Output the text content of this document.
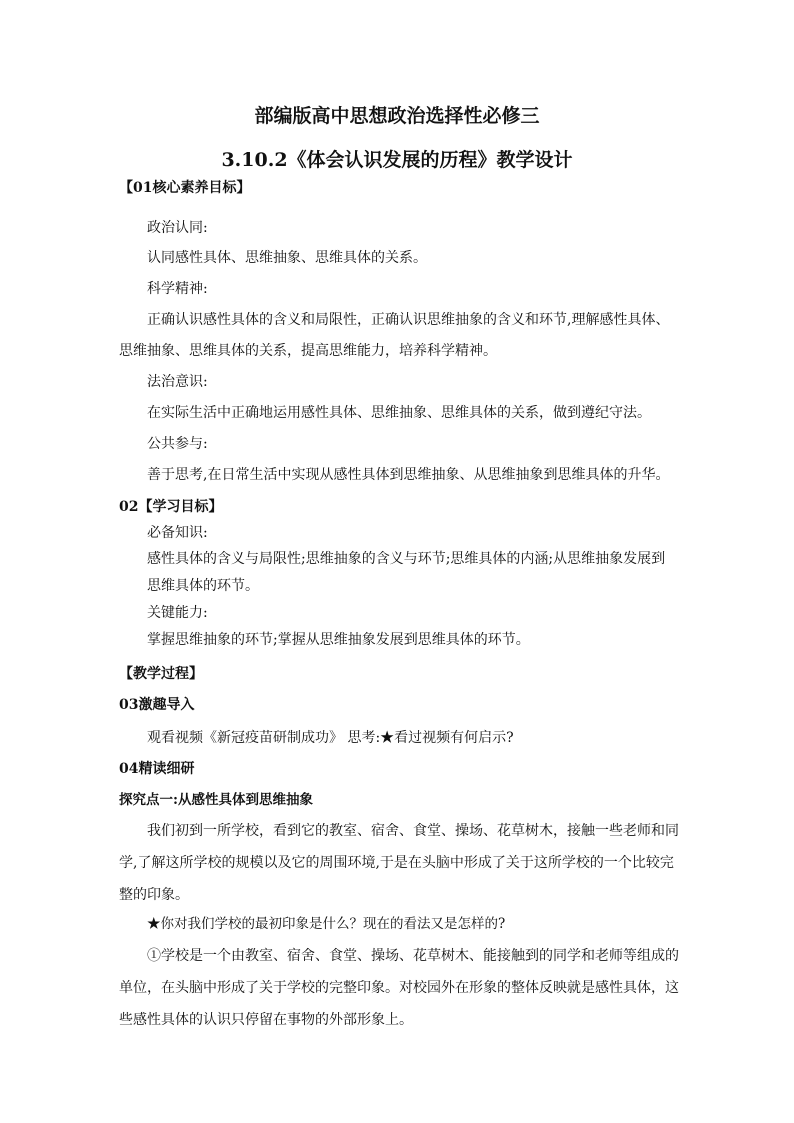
部编版高中思想政治选择性必修三
3.10.2《体会认识发展的历程》教学设计
【01核心素养目标】
政治认同:
认同感性具体、思维抽象、思维具体的关系。
科学精神:
正确认识感性具体的含义和局限性，正确认识思维抽象的含义和环节,理解感性具体、
思维抽象、思维具体的关系，提高思维能力，培养科学精神。
法治意识:
在实际生活中正确地运用感性具体、思维抽象、思维具体的关系，做到遵纪守法。
公共参与:
善于思考,在日常生活中实现从感性具体到思维抽象、从思维抽象到思维具体的升华。
02【学习目标】
必备知识:
感性具体的含义与局限性;思维抽象的含义与环节;思维具体的内涵;从思维抽象发展到
思维具体的环节。
关键能力:
掌握思维抽象的环节;掌握从思维抽象发展到思维具体的环节。
【教学过程】
03激趣导入
观看视频《新冠疫苗研制成功》 思考:★看过视频有何启示?
04精读细研
探究点一:从感性具体到思维抽象
我们初到一所学校，看到它的教室、宿舍、食堂、操场、花草树木，接触一些老师和同学,了解这所学校的规模以及它的周围环境,于是在头脑中形成了关于这所学校的一个比较完整的印象。
★你对我们学校的最初印象是什么？现在的看法又是怎样的?
①学校是一个由教室、宿舍、食堂、操场、花草树木、能接触到的同学和老师等组成的单位，在头脑中形成了关于学校的完整印象。对校园外在形象的整体反映就是感性具体，这些感性具体的认识只停留在事物的外部形象上。
